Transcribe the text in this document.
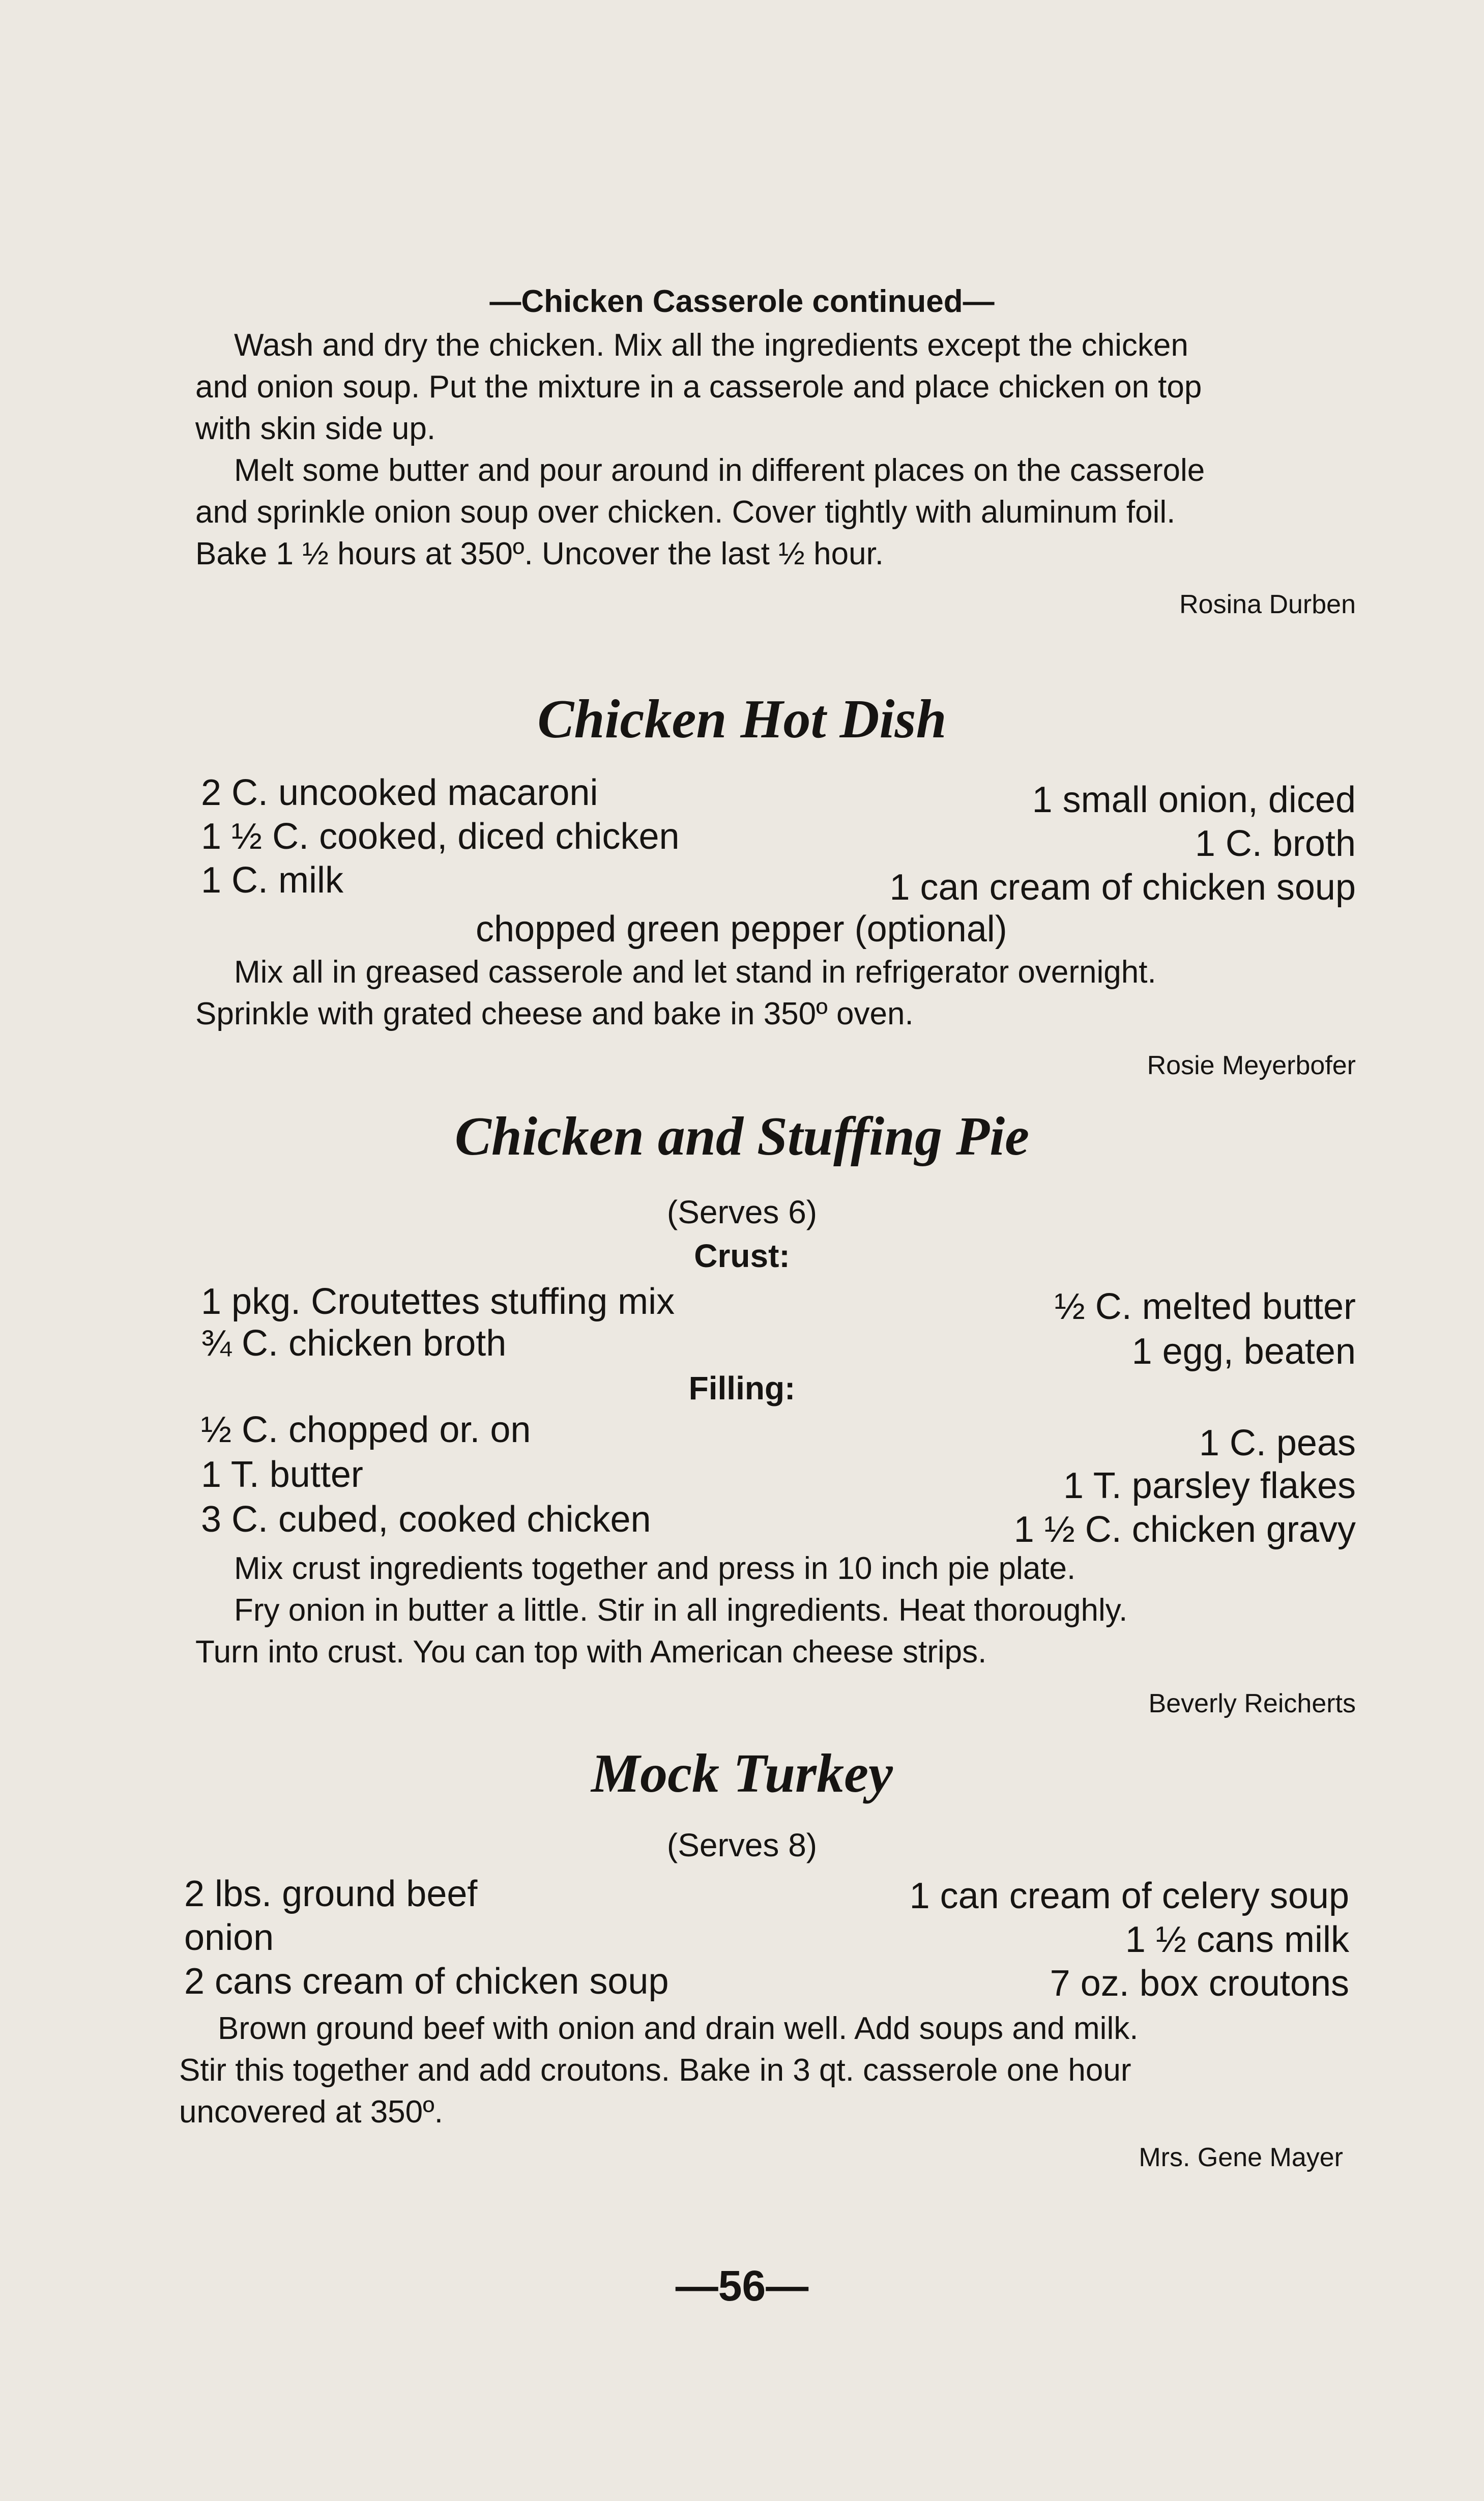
—Chicken Casserole continued—
Wash and dry the chicken. Mix all the ingredients except the chicken
and onion soup. Put the mixture in a casserole and place chicken on top
with skin side up.
Melt some butter and pour around in different places on the casserole
and sprinkle onion soup over chicken. Cover tightly with aluminum foil.
Bake 1 ½ hours at 350º. Uncover the last ½ hour.
Rosina Durben
Chicken Hot Dish
2 C. uncooked macaroni
1 ½ C. cooked, diced chicken
1 C. milk
1 small onion, diced
1 C. broth
1 can cream of chicken soup
chopped green pepper (optional)
Mix all in greased casserole and let stand in refrigerator overnight.
Sprinkle with grated cheese and bake in 350º oven.
Rosie Meyerbofer
Chicken and Stuffing Pie
(Serves 6)
Crust:
1 pkg. Croutettes stuffing mix
¾ C. chicken broth
½ C. melted butter
1 egg, beaten
Filling:
½ C. chopped or. on
1 T. butter
3 C. cubed, cooked chicken
1 C. peas
1 T. parsley flakes
1 ½ C. chicken gravy
Mix crust ingredients together and press in 10 inch pie plate.
Fry onion in butter a little. Stir in all ingredients. Heat thoroughly.
Turn into crust. You can top with American cheese strips.
Beverly Reicherts
Mock Turkey
(Serves 8)
2 lbs. ground beef
onion
2 cans cream of chicken soup
1 can cream of celery soup
1 ½ cans milk
7 oz. box croutons
Brown ground beef with onion and drain well. Add soups and milk.
Stir this together and add croutons. Bake in 3 qt. casserole one hour
uncovered at 350º.
Mrs. Gene Mayer
—56—
